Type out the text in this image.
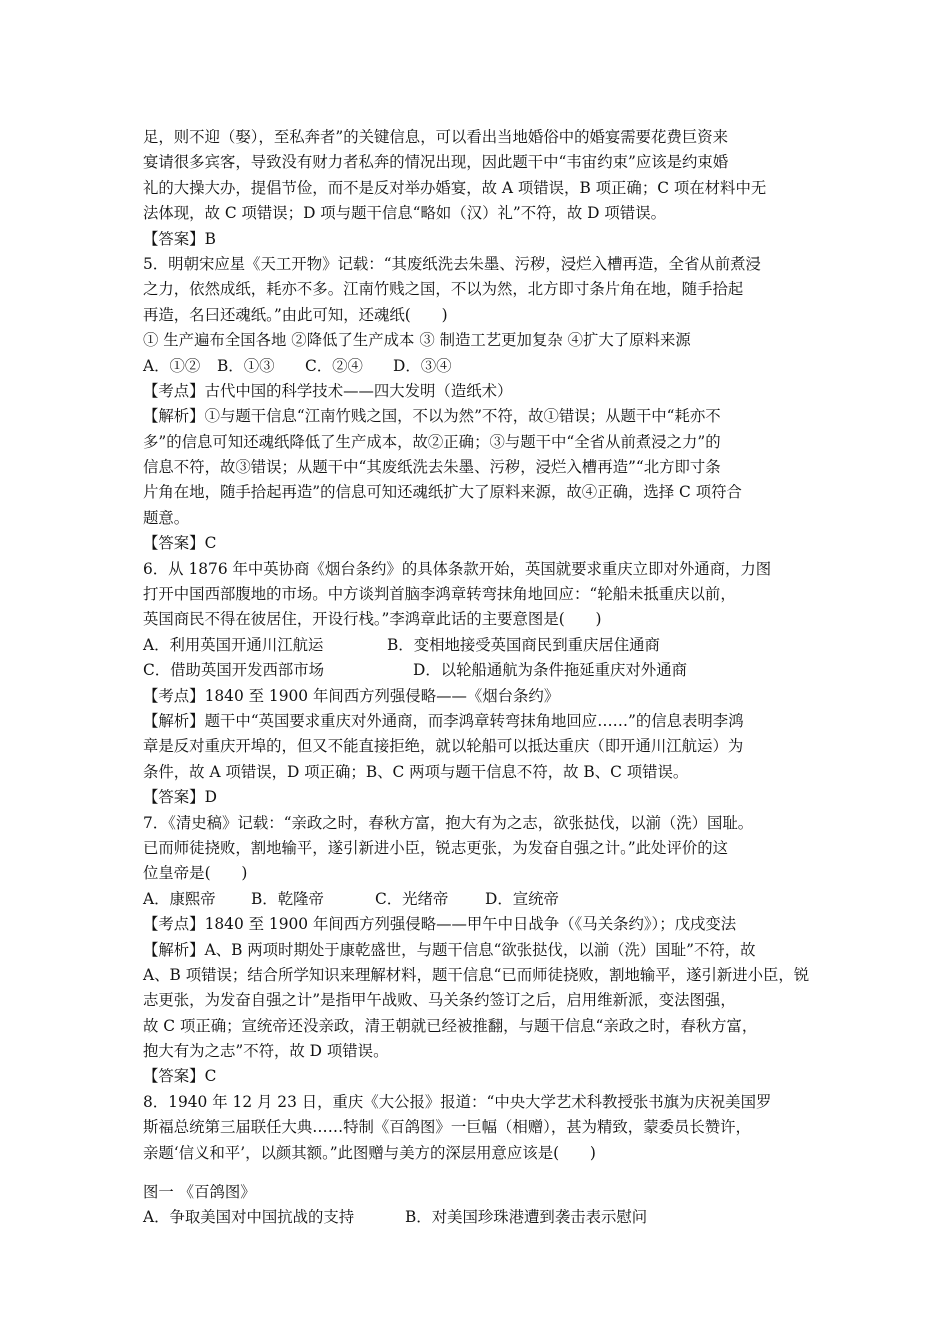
足，则不迎（娶），至私奔者”的关键信息，可以看出当地婚俗中的婚宴需要花费巨资来
宴请很多宾客，导致没有财力者私奔的情况出现，因此题干中“韦宙约束”应该是约束婚
礼的大操大办，提倡节俭，而不是反对举办婚宴，故 A 项错误，B 项正确；C 项在材料中无
法体现，故 C 项错误；D 项与题干信息“略如（汉）礼”不符，故 D 项错误。
【答案】B
5．明朝宋应星《天工开物》记载：“其废纸洗去朱墨、污秽，浸烂入槽再造，全省从前煮浸
之力，依然成纸，耗亦不多。江南竹贱之国，不以为然，北方即寸条片角在地，随手拾起
再造，名曰还魂纸。”由此可知，还魂纸(　　)
① 生产遍布全国各地 ②降低了生产成本 ③ 制造工艺更加复杂 ④扩大了原料来源
A．①② B．①③ C．②④ D．③④
【考点】古代中国的科学技术——四大发明（造纸术）
【解析】①与题干信息“江南竹贱之国，不以为然”不符，故①错误；从题干中“耗亦不
多”的信息可知还魂纸降低了生产成本，故②正确；③与题干中“全省从前煮浸之力”的
信息不符，故③错误；从题干中“其废纸洗去朱墨、污秽，浸烂入槽再造”“北方即寸条
片角在地，随手拾起再造”的信息可知还魂纸扩大了原料来源，故④正确，选择 C 项符合
题意。
【答案】C
6．从 1876 年中英协商《烟台条约》的具体条款开始，英国就要求重庆立即对外通商，力图
打开中国西部腹地的市场。中方谈判首脑李鸿章转弯抹角地回应：“轮船未抵重庆以前，
英国商民不得在彼居住，开设行栈。”李鸿章此话的主要意图是(　　)
A．利用英国开通川江航运	B．变相地接受英国商民到重庆居住通商
C．借助英国开发西部市场	D．以轮船通航为条件拖延重庆对外通商
【考点】1840 至 1900 年间西方列强侵略——《烟台条约》
【解析】题干中“英国要求重庆对外通商，而李鸿章转弯抹角地回应……”的信息表明李鸿
章是反对重庆开埠的，但又不能直接拒绝，就以轮船可以抵达重庆（即开通川江航运）为
条件，故 A 项错误，D 项正确；B、C 两项与题干信息不符，故 B、C 项错误。
【答案】D
7．《清史稿》记载：“亲政之时，春秋方富，抱大有为之志，欲张挞伐，以湔（洗）国耻。
已而师徒挠败，割地输平，遂引新进小臣，锐志更张，为发奋自强之计。”此处评价的这
位皇帝是(　　)
A．康熙帝 B．乾隆帝	C．光绪帝 D．宣统帝
【考点】1840 至 1900 年间西方列强侵略——甲午中日战争（《马关条约》）；戊戌变法
【解析】A、B 两项时期处于康乾盛世，与题干信息“欲张挞伐，以湔（洗）国耻”不符，故
A、B 项错误；结合所学知识来理解材料，题干信息“已而师徒挠败，割地输平，遂引新进小臣，锐
志更张，为发奋自强之计”是指甲午战败、马关条约签订之后，启用维新派，变法图强，
故 C 项正确；宣统帝还没亲政，清王朝就已经被推翻，与题干信息“亲政之时，春秋方富，
抱大有为之志”不符，故 D 项错误。
【答案】C
8．1940 年 12 月 23 日，重庆《大公报》报道：“中央大学艺术科教授张书旗为庆祝美国罗
斯福总统第三届联任大典……特制《百鸽图》一巨幅（相赠），甚为精致，蒙委员长赞许，
亲题‘信义和平’，以颜其额。”此图赠与美方的深层用意应该是(　　)
图一 《百鸽图》
A．争取美国对中国抗战的支持	B．对美国珍珠港遭到袭击表示慰问
